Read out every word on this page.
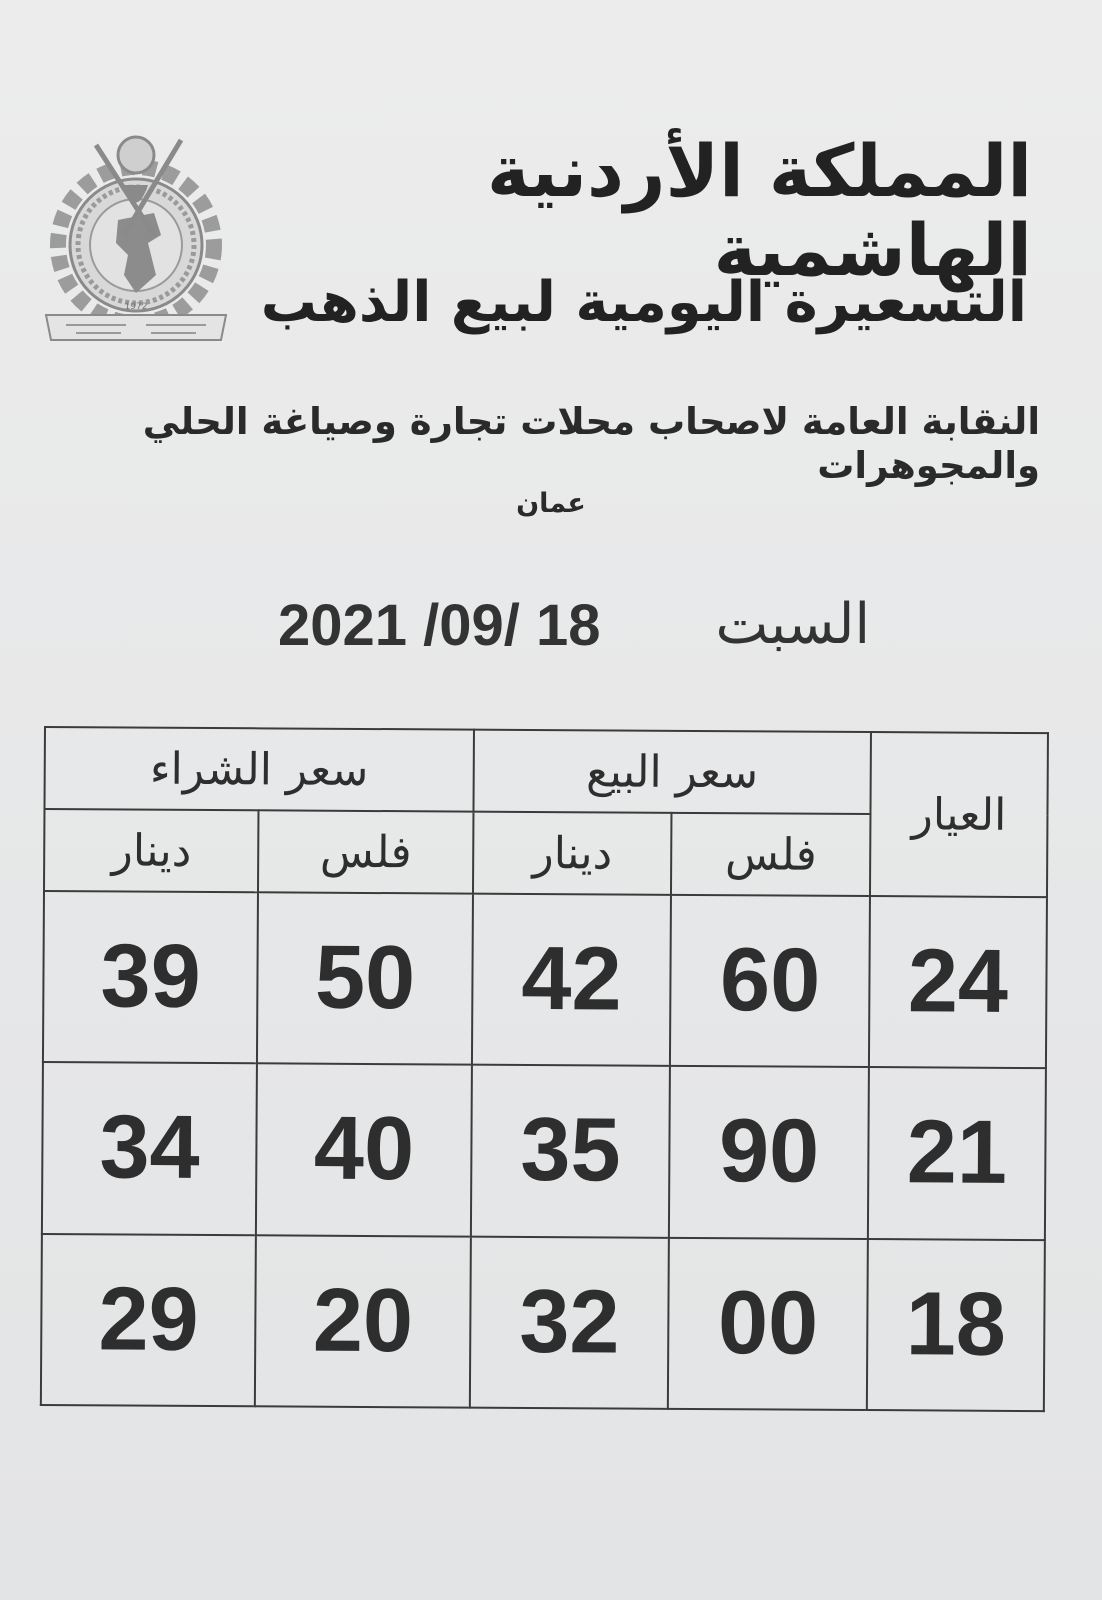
1972
المملكة الأردنية الهاشمية
التسعيرة اليومية لبيع الذهب
النقابة العامة لاصحاب محلات تجارة وصياغة الحلي والمجوهرات
عمان
السبت
2021 /09/ 18
العيار	سعر البيع		سعر الشراء	
	فلس	دينار	فلس	دينار
24	60	42	50	39
21	90	35	40	34
18	00	32	20	29
